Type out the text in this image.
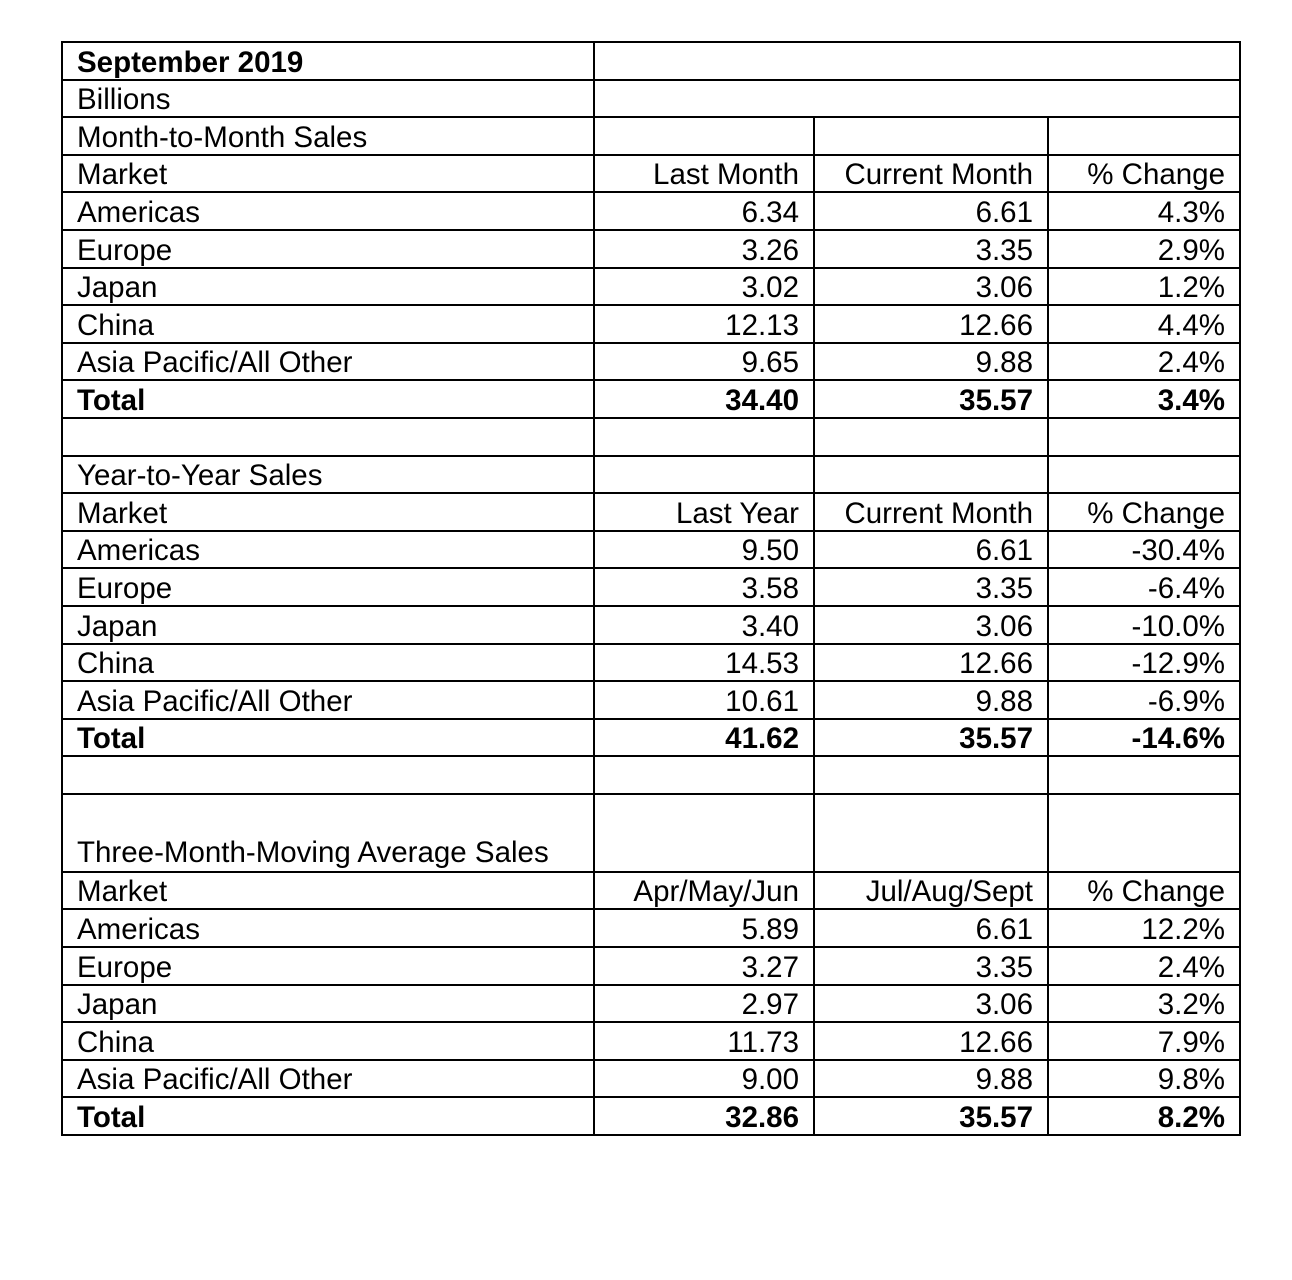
September 2019			
Billions			
Month-to-Month Sales			
Market	Last Month	Current Month	% Change
Americas	6.34	6.61	4.3%
Europe	3.26	3.35	2.9%
Japan	3.02	3.06	1.2%
China	12.13	12.66	4.4%
Asia Pacific/All Other	9.65	9.88	2.4%
Total	34.40	35.57	3.4%

Year-to-Year Sales			
Market	Last Year	Current Month	% Change
Americas	9.50	6.61	-30.4%
Europe	3.58	3.35	-6.4%
Japan	3.40	3.06	-10.0%
China	14.53	12.66	-12.9%
Asia Pacific/All Other	10.61	9.88	-6.9%
Total	41.62	35.57	-14.6%

Three-Month-Moving Average Sales			
Market	Apr/May/Jun	Jul/Aug/Sept	% Change
Americas	5.89	6.61	12.2%
Europe	3.27	3.35	2.4%
Japan	2.97	3.06	3.2%
China	11.73	12.66	7.9%
Asia Pacific/All Other	9.00	9.88	9.8%
Total	32.86	35.57	8.2%
